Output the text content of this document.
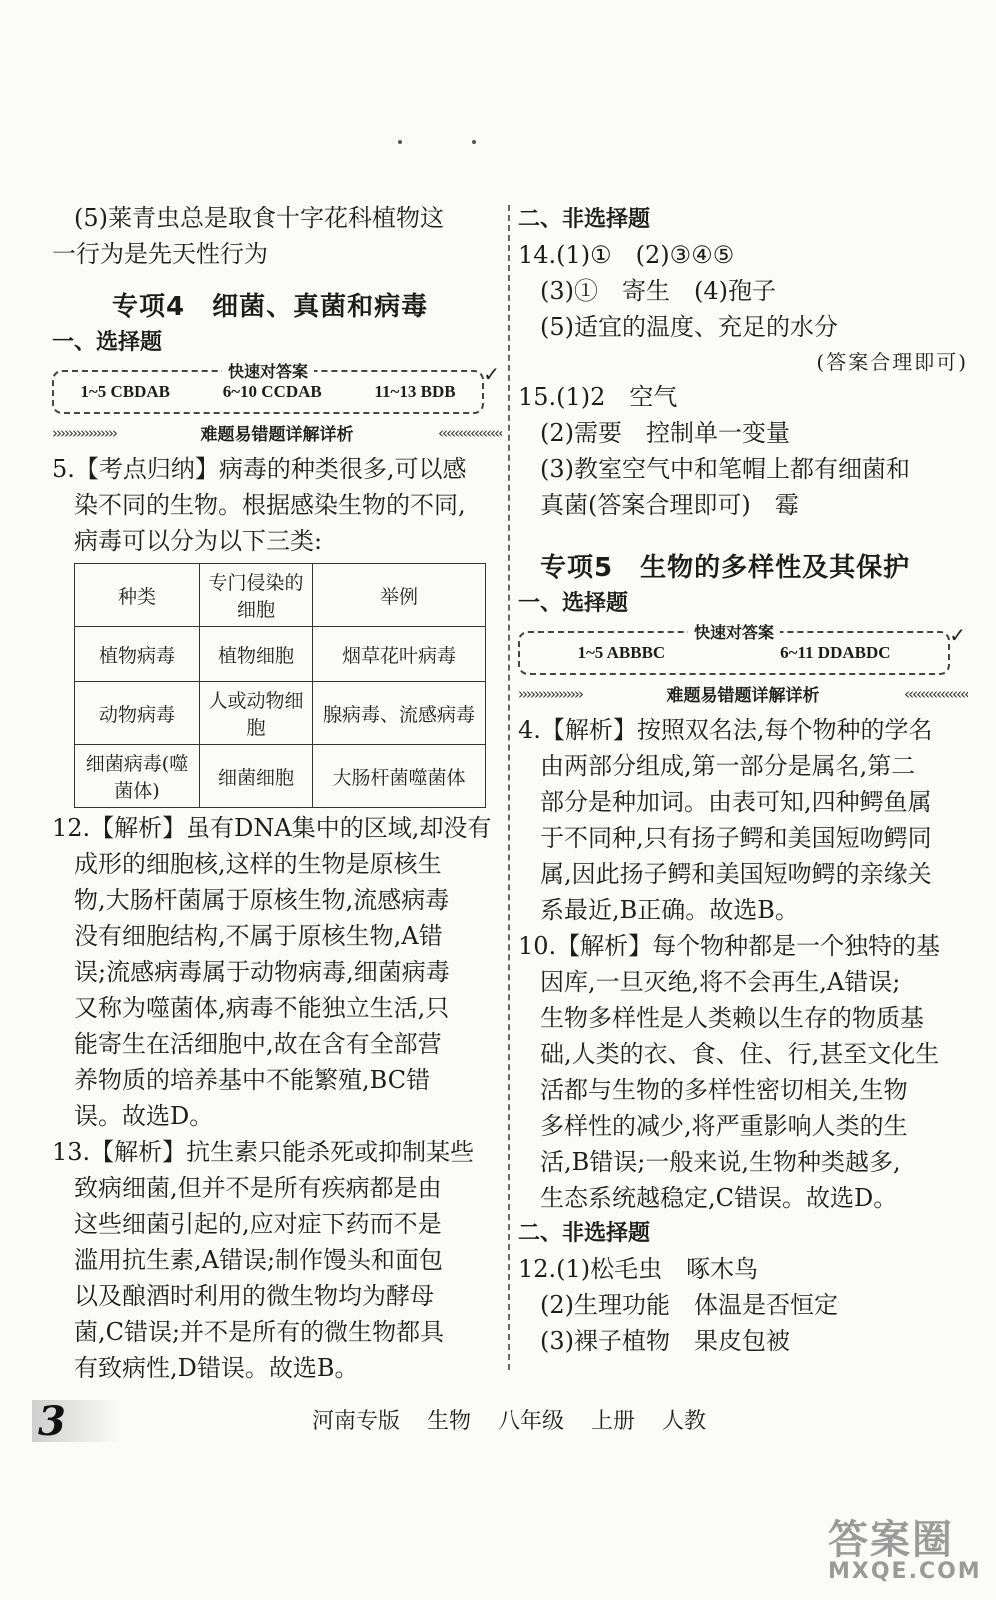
(5)莱青虫总是取食十字花科植物这

一行为是先天性行为

专项4　细菌、真菌和病毒
一、选择题
快速对答案
1~5 CBDAB	6~10 CCDAB	11~13 BDB
✓
››››››››››››››››	难题易错题详解详析	‹‹‹‹‹‹‹‹‹‹‹‹‹‹‹‹

5.【考点归纳】病毒的种类很多,可以感

染不同的生物。根据感染生物的不同,

病毒可以分为以下三类:

种类	专门侵染的细胞	举例
植物病毒	植物细胞	烟草花叶病毒
动物病毒	人或动物细胞	腺病毒、流感病毒
细菌病毒(噬菌体)	细菌细胞	大肠杆菌噬菌体

12.【解析】虽有DNA集中的区域,却没有

成形的细胞核,这样的生物是原核生

物,大肠杆菌属于原核生物,流感病毒

没有细胞结构,不属于原核生物,A错

误;流感病毒属于动物病毒,细菌病毒

又称为噬菌体,病毒不能独立生活,只

能寄生在活细胞中,故在含有全部营

养物质的培养基中不能繁殖,BC错

误。故选D。

13.【解析】抗生素只能杀死或抑制某些

致病细菌,但并不是所有疾病都是由

这些细菌引起的,应对症下药而不是

滥用抗生素,A错误;制作馒头和面包

以及酿酒时利用的微生物均为酵母

菌,C错误;并不是所有的微生物都具

有致病性,D错误。故选B。

二、非选择题

14.(1)①　(2)③④⑤

(3)①　寄生　(4)孢子

(5)适宜的温度、充足的水分

(答案合理即可)

15.(1)2　空气

(2)需要　控制单一变量

(3)教室空气中和笔帽上都有细菌和

真菌(答案合理即可)　霉

专项5　生物的多样性及其保护
一、选择题
快速对答案
1~5 ABBBC	6~11 DDABDC
✓
››››››››››››››››	难题易错题详解详析	‹‹‹‹‹‹‹‹‹‹‹‹‹‹‹‹

4.【解析】按照双名法,每个物种的学名

由两部分组成,第一部分是属名,第二

部分是种加词。由表可知,四种鳄鱼属

于不同种,只有扬子鳄和美国短吻鳄同

属,因此扬子鳄和美国短吻鳄的亲缘关

系最近,B正确。故选B。

10.【解析】每个物种都是一个独特的基

因库,一旦灭绝,将不会再生,A错误;

生物多样性是人类赖以生存的物质基

础,人类的衣、食、住、行,甚至文化生

活都与生物的多样性密切相关,生物

多样性的减少,将严重影响人类的生

活,B错误;一般来说,生物种类越多,

生态系统越稳定,C错误。故选D。

二、非选择题

12.(1)松毛虫　啄木鸟

(2)生理功能　体温是否恒定

(3)裸子植物　果皮包被

3	河南专版 生物 八年级 上册 人教
答案圈
MXQE.COM
